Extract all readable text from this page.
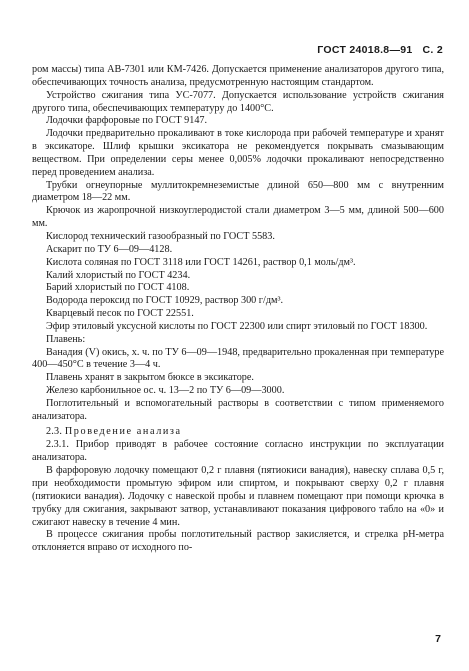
ГОСТ 24018.8—91 С. 2

ром массы) типа АВ-7301 или КМ-7426. Допускается применение анализаторов другого типа, обеспечивающих точность анализа, предусмотренную настоящим стандартом.

Устройство сжигания типа УС-7077. Допускается использование устройств сжигания другого типа, обеспечивающих температуру до 1400°С.

Лодочки фарфоровые по ГОСТ 9147.

Лодочки предварительно прокаливают в токе кислорода при рабочей температуре и хранят в эксикаторе. Шлиф крышки эксикатора не рекомендуется покрывать смазывающим веществом. При определении серы менее 0,005% лодочки прокаливают непосредственно перед проведением анализа.

Трубки огнеупорные муллитокремнеземистые длиной 650—800 мм с внутренним диаметром 18—22 мм.

Крючок из жаропрочной низкоуглеродистой стали диаметром 3—5 мм, длиной 500—600 мм.

Кислород технический газообразный по ГОСТ 5583.

Аскарит по ТУ 6—09—4128.

Кислота соляная по ГОСТ 3118 или ГОСТ 14261, раствор 0,1 моль/дм³.

Калий хлористый по ГОСТ 4234.

Барий хлористый по ГОСТ 4108.

Водорода пероксид по ГОСТ 10929, раствор 300 г/дм³.

Кварцевый песок по ГОСТ 22551.

Эфир этиловый уксусной кислоты по ГОСТ 22300 или спирт этиловый по ГОСТ 18300.

Плавень:

Ванадия (V) окись, х. ч. по ТУ 6—09—1948, предварительно прокаленная при температуре 400—450°С в течение 3—4 ч.

Плавень хранят в закрытом бюксе в эксикаторе.

Железо карбонильное ос. ч. 13—2 по ТУ 6—09—3000.

Поглотительный и вспомогательный растворы в соответствии с типом применяемого анализатора.

2.3. Проведение анализа

2.3.1. Прибор приводят в рабочее состояние согласно инструкции по эксплуатации анализатора.

В фарфоровую лодочку помещают 0,2 г плавня (пятиокиси ванадия), навеску сплава 0,5 г, при необходимости промытую эфиром или спиртом, и покрывают сверху 0,2 г плавня (пятиокиси ванадия). Лодочку с навеской пробы и плавнем помещают при помощи крючка в трубку для сжигания, закрывают затвор, устанавливают показания цифрового табло на «0» и сжигают навеску в течение 4 мин.

В процессе сжигания пробы поглотительный раствор закисляется, и стрелка рН-метра отклоняется вправо от исходного по-

7
